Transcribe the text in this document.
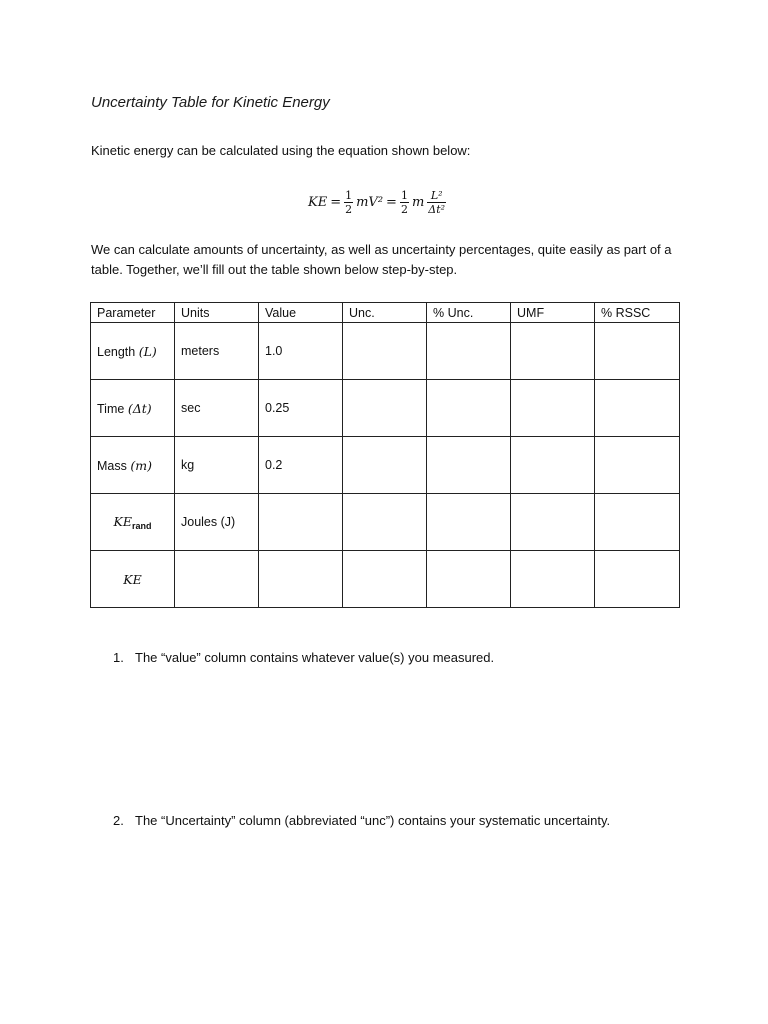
Uncertainty Table for Kinetic Energy
Kinetic energy can be calculated using the equation shown below:
KE = $\frac{1}{2} mV^2 = \frac{1}{2}$ m $\frac{\text{L²}}{\text{Δt²}}$
We can calculate amounts of uncertainty, as well as uncertainty percentages, quite easily as part of a table. Together, we’ll fill out the table shown below step-by-step.
Parameter	Units	Value	Unc.	% Unc.	UMF	% RSSC
Length (L)	meters	1.0				
Time (Δt)	sec	0.25				
Mass (m)	kg	0.2				
$KE_{rand}$	Joules (J)					
KE						
1. The “value” column contains whatever value(s) you measured.
2. The “Uncertainty” column (abbreviated “unc”) contains your systematic uncertainty.
